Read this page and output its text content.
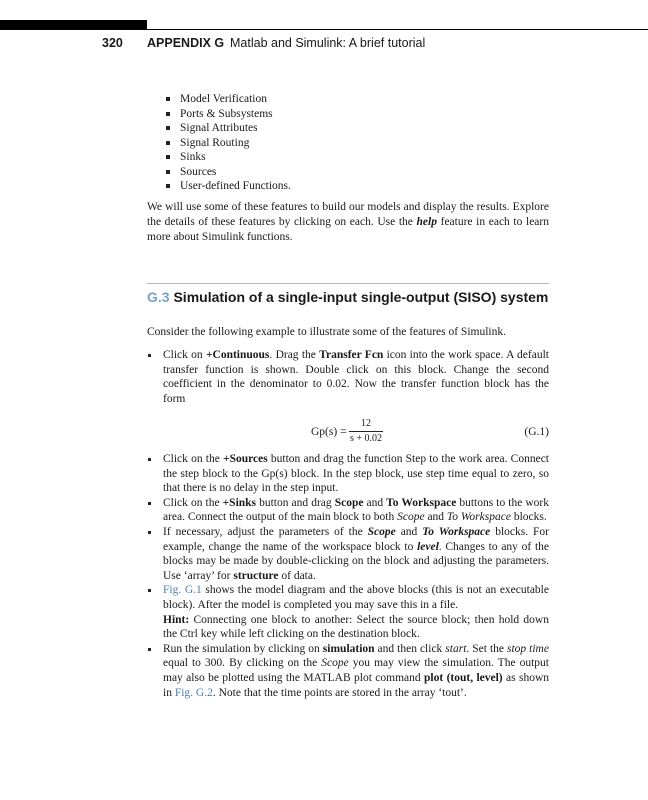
320 APPENDIX G Matlab and Simulink: A brief tutorial
Model Verification
Ports & Subsystems
Signal Attributes
Signal Routing
Sinks
Sources
User-defined Functions.

We will use some of these features to build our models and display the results. Explore the details of these features by clicking on each. Use the help feature in each to learn more about Simulink functions.

G.3 Simulation of a single-input single-output (SISO) system

Consider the following example to illustrate some of the features of Simulink.

Click on +Continuous. Drag the Transfer Fcn icon into the work space. A default transfer function is shown. Double click on this block. Change the second coefficient in the denominator to 0.02. Now the transfer function block has the form
Gp(s) =
12
s + 0.02
(G.1)
Click on the +Sources button and drag the function Step to the work area. Connect the step block to the Gp(s) block. In the step block, use step time equal to zero, so that there is no delay in the step input.
Click on the +Sinks button and drag Scope and To Workspace buttons to the work area. Connect the output of the main block to both Scope and To Workspace blocks.
If necessary, adjust the parameters of the Scope and To Workspace blocks. For example, change the name of the workspace block to level. Changes to any of the blocks may be made by double-clicking on the block and adjusting the parameters. Use ‘array’ for structure of data.
Fig. G.1 shows the model diagram and the above blocks (this is not an executable block). After the model is completed you may save this in a file.
Hint: Connecting one block to another: Select the source block; then hold down the Ctrl key while left clicking on the destination block.
Run the simulation by clicking on simulation and then click start. Set the stop time equal to 300. By clicking on the Scope you may view the simulation. The output may also be plotted using the MATLAB plot command plot (tout, level) as shown in Fig. G.2. Note that the time points are stored in the array ‘tout’.
